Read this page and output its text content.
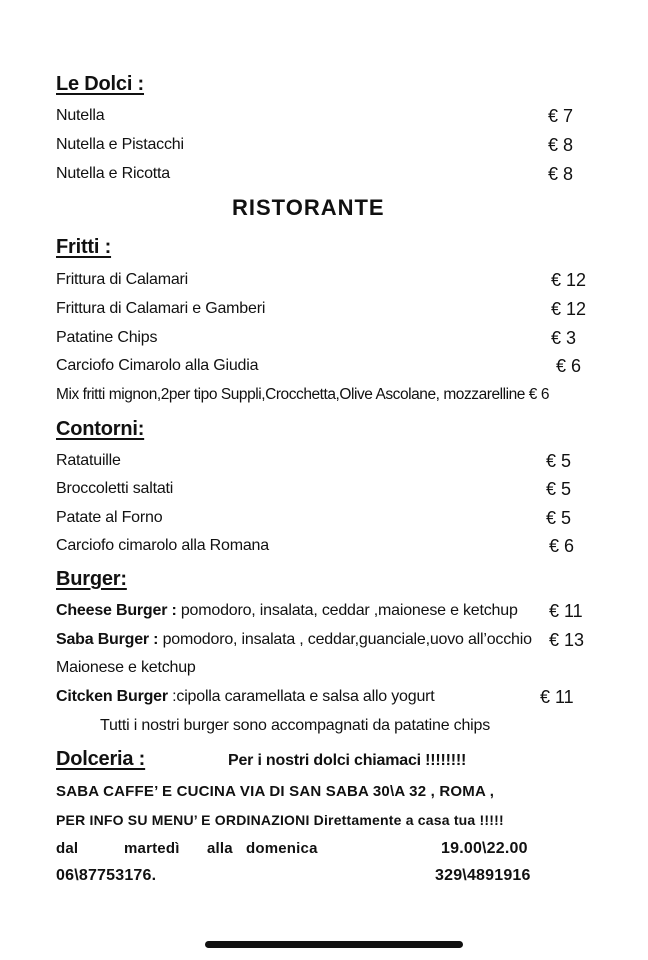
Le Dolci :
Nutella	€ 7
Nutella e Pistacchi	€ 8
Nutella e Ricotta	€ 8
RISTORANTE
Fritti :
Frittura di Calamari	€ 12
Frittura di Calamari e Gamberi	€ 12
Patatine Chips	€ 3
Carciofo Cimarolo alla Giudia	€ 6
Mix fritti mignon,2per tipo Suppli,Crocchetta,Olive Ascolane, mozzarelline € 6
Contorni:
Ratatuille	€ 5
Broccoletti saltati	€ 5
Patate al Forno	€ 5
Carciofo cimarolo alla Romana	€ 6
Burger:
Cheese Burger : pomodoro, insalata, ceddar ,maionese e ketchup € 11
Saba Burger : pomodoro, insalata , ceddar,guanciale,uovo all’occhio € 13
Maionese e ketchup
Citcken Burger :cipolla caramellata e salsa allo yogurt	€ 11
Tutti i nostri burger sono accompagnati da patatine chips
Dolceria :	Per i nostri dolci chiamaci !!!!!!!!
SABA CAFFE’ E CUCINA VIA DI SAN SABA 30\A 32 , ROMA ,
PER INFO SU MENU’ E ORDINAZIONI Direttamente a casa tua !!!!!
dal	martedì alla domenica	19.00\22.00
06\87753176.	329\4891916
